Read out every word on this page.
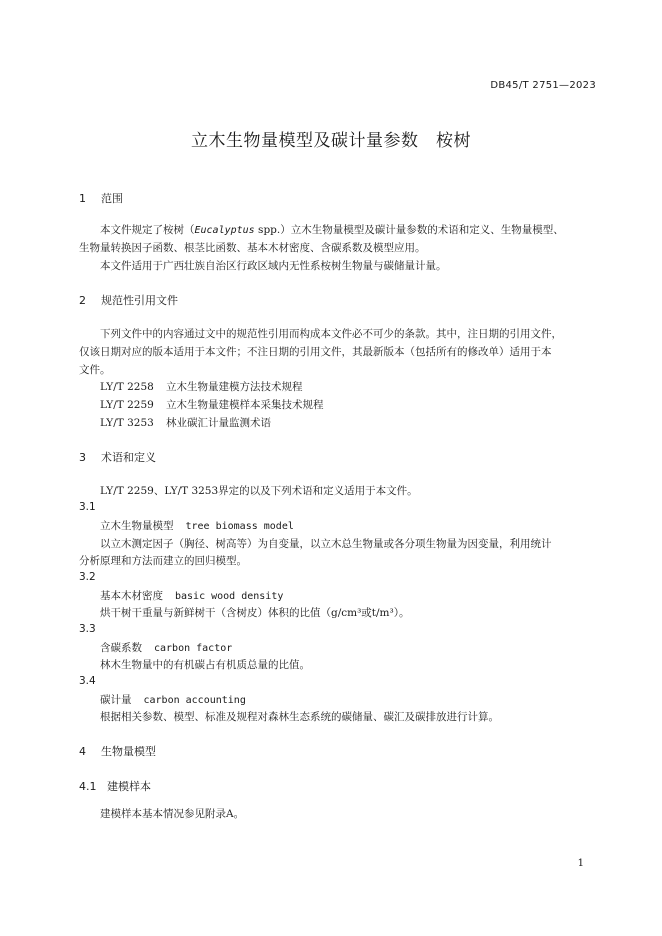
DB45/T 2751—2023
立木生物量模型及碳计量参数　桉树
1 范围
本文件规定了桉树（Eucalyptus spp.）立木生物量模型及碳计量参数的术语和定义、生物量模型、
生物量转换因子函数、根茎比函数、基本木材密度、含碳系数及模型应用。
本文件适用于广西壮族自治区行政区域内无性系桉树生物量与碳储量计量。
2 规范性引用文件
下列文件中的内容通过文中的规范性引用而构成本文件必不可少的条款。其中，注日期的引用文件，
仅该日期对应的版本适用于本文件；不注日期的引用文件，其最新版本（包括所有的修改单）适用于本
文件。
LY/T 2258 立木生物量建模方法技术规程
LY/T 2259 立木生物量建模样本采集技术规程
LY/T 3253 林业碳汇计量监测术语
3 术语和定义
LY/T 2259、LY/T 3253界定的以及下列术语和定义适用于本文件。
3.1
立木生物量模型 tree biomass model
以立木测定因子（胸径、树高等）为自变量，以立木总生物量或各分项生物量为因变量，利用统计
分析原理和方法而建立的回归模型。
3.2
基本木材密度 basic wood density
烘干树干重量与新鲜树干（含树皮）体积的比值（g/cm³或t/m³）。
3.3
含碳系数 carbon factor
林木生物量中的有机碳占有机质总量的比值。
3.4
碳计量 carbon accounting
根据相关参数、模型、标准及规程对森林生态系统的碳储量、碳汇及碳排放进行计算。
4 生物量模型
4.1 建模样本
建模样本基本情况参见附录A。
1
